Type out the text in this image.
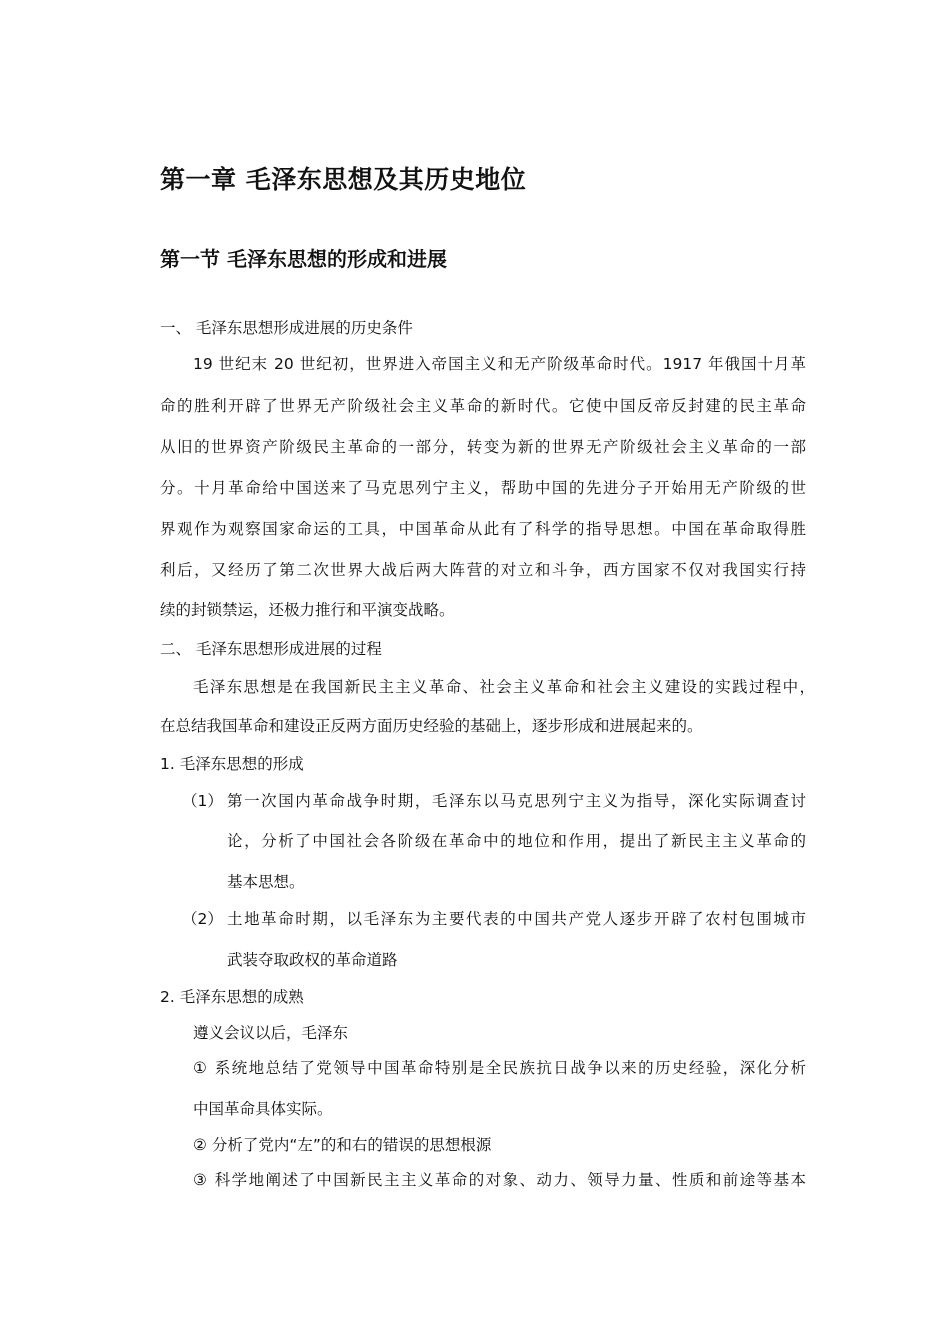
第一章 毛泽东思想及其历史地位
第一节 毛泽东思想的形成和进展
一、 毛泽东思想形成进展的历史条件
19 世纪末 20 世纪初，世界进入帝国主义和无产阶级革命时代。1917 年俄国十月革
命的胜利开辟了世界无产阶级社会主义革命的新时代。它使中国反帝反封建的民主革命
从旧的世界资产阶级民主革命的一部分，转变为新的世界无产阶级社会主义革命的一部
分。十月革命给中国送来了马克思列宁主义，帮助中国的先进分子开始用无产阶级的世
界观作为观察国家命运的工具，中国革命从此有了科学的指导思想。中国在革命取得胜
利后，又经历了第二次世界大战后两大阵营的对立和斗争，西方国家不仅对我国实行持
续的封锁禁运，还极力推行和平演变战略。
二、 毛泽东思想形成进展的过程
毛泽东思想是在我国新民主主义革命、社会主义革命和社会主义建设的实践过程中，
在总结我国革命和建设正反两方面历史经验的基础上，逐步形成和进展起来的。
1. 毛泽东思想的形成
（1） 第一次国内革命战争时期，毛泽东以马克思列宁主义为指导，深化实际调查讨
论，分析了中国社会各阶级在革命中的地位和作用，提出了新民主主义革命的
基本思想。
（2） 土地革命时期，以毛泽东为主要代表的中国共产党人逐步开辟了农村包围城市
武装夺取政权的革命道路
2. 毛泽东思想的成熟
遵义会议以后，毛泽东
① 系统地总结了党领导中国革命特别是全民族抗日战争以来的历史经验，深化分析
中国革命具体实际。
② 分析了党内“左”的和右的错误的思想根源
③ 科学地阐述了中国新民主主义革命的对象、动力、领导力量、性质和前途等基本
